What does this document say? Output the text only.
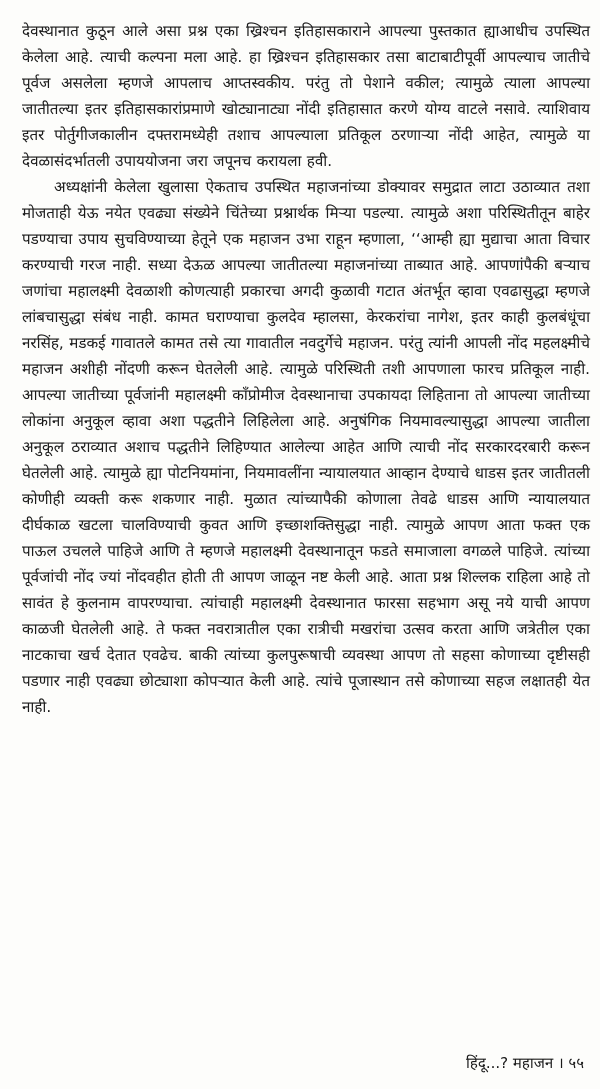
देवस्थानात कुठून आले असा प्रश्न एका ख्रिश्चन इतिहासकाराने आपल्या पुस्तकात ह्याआधीच उपस्थित केलेला आहे. त्याची कल्पना मला आहे. हा ख्रिश्चन इतिहासकार तसा बाटाबाटीपूर्वी आपल्याच जातीचे पूर्वज असलेला म्हणजे आपलाच आप्तस्वकीय. परंतु तो पेशाने वकील; त्यामुळे त्याला आपल्या जातीतल्या इतर इतिहासकारांप्रमाणे खोट्यानाट्या नोंदी इतिहासात करणे योग्य वाटले नसावे. त्याशिवाय इतर पोर्तुगीजकालीन दफ्तरामध्येही तशाच आपल्याला प्रतिकूल ठरणाऱ्या नोंदी आहेत, त्यामुळे या देवळासंदर्भातली उपाययोजना जरा जपूनच करायला हवी.

अध्यक्षांनी केलेला खुलासा ऐकताच उपस्थित महाजनांच्या डोक्यावर समुद्रात लाटा उठाव्यात तशा मोजताही येऊ नयेत एवढ्या संख्येने चिंतेच्या प्रश्नार्थक मिऱ्या पडल्या. त्यामुळे अशा परिस्थितीतून बाहेर पडण्याचा उपाय सुचविण्याच्या हेतूने एक महाजन उभा राहून म्हणाला, ‘‘आम्ही ह्या मुद्याचा आता विचार करण्याची गरज नाही. सध्या देऊळ आपल्या जातीतल्या महाजनांच्या ताब्यात आहे. आपणांपैकी बऱ्याच जणांचा महालक्ष्मी देवळाशी कोणत्याही प्रकारचा अगदी कुळावी गटात अंतर्भूत व्हावा एवढासुद्धा म्हणजे लांबचासुद्धा संबंध नाही. कामत घराण्याचा कुलदेव म्हालसा, केरकरांचा नागेश, इतर काही कुलबंधूंचा नरसिंह, मडकई गावातले कामत तसे त्या गावातील नवदुर्गेचे महाजन. परंतु त्यांनी आपली नोंद महलक्ष्मीचे महाजन अशीही नोंदणी करून घेतलेली आहे. त्यामुळे परिस्थिती तशी आपणाला फारच प्रतिकूल नाही. आपल्या जातीच्या पूर्वजांनी महालक्ष्मी कॉंप्रोमीज देवस्थानाचा उपकायदा लिहिताना तो आपल्या जातीच्या लोकांना अनुकूल व्हावा अशा पद्धतीने लिहिलेला आहे. अनुषंगिक नियमावल्यासुद्धा आपल्या जातीला अनुकूल ठराव्यात अशाच पद्धतीने लिहिण्यात आलेल्या आहेत आणि त्याची नोंद सरकारदरबारी करून घेतलेली आहे. त्यामुळे ह्या पोटनियमांना, नियमावलींना न्यायालयात आव्हान देण्याचे धाडस इतर जातीतली कोणीही व्यक्ती करू शकणार नाही. मुळात त्यांच्यापैकी कोणाला तेवढे धाडस आणि न्यायालयात दीर्घकाळ खटला चालविण्याची कुवत आणि इच्छाशक्तिसुद्धा नाही. त्यामुळे आपण आता फक्त एक पाऊल उचलले पाहिजे आणि ते म्हणजे महालक्ष्मी देवस्थानातून फडते समाजाला वगळले पाहिजे. त्यांच्या पूर्वजांची नोंद ज्यां नोंदवहीत होती ती आपण जाळून नष्ट केली आहे. आता प्रश्न शिल्लक राहिला आहे तो सावंत हे कुलनाम वापरण्याचा. त्यांचाही महालक्ष्मी देवस्थानात फारसा सहभाग असू नये याची आपण काळजी घेतलेली आहे. ते फक्त नवरात्रातील एका रात्रीची मखरांचा उत्सव करता आणि जत्रेतील एका नाटकाचा खर्च देतात एवढेच. बाकी त्यांच्या कुलपुरूषाची व्यवस्था आपण तो सहसा कोणाच्या दृष्टीसही पडणार नाही एवढ्या छोट्याशा कोपऱ्यात केली आहे. त्यांचे पूजास्थान तसे कोणाच्या सहज लक्षातही येत नाही.

हिंदू...? महाजन । ५५
